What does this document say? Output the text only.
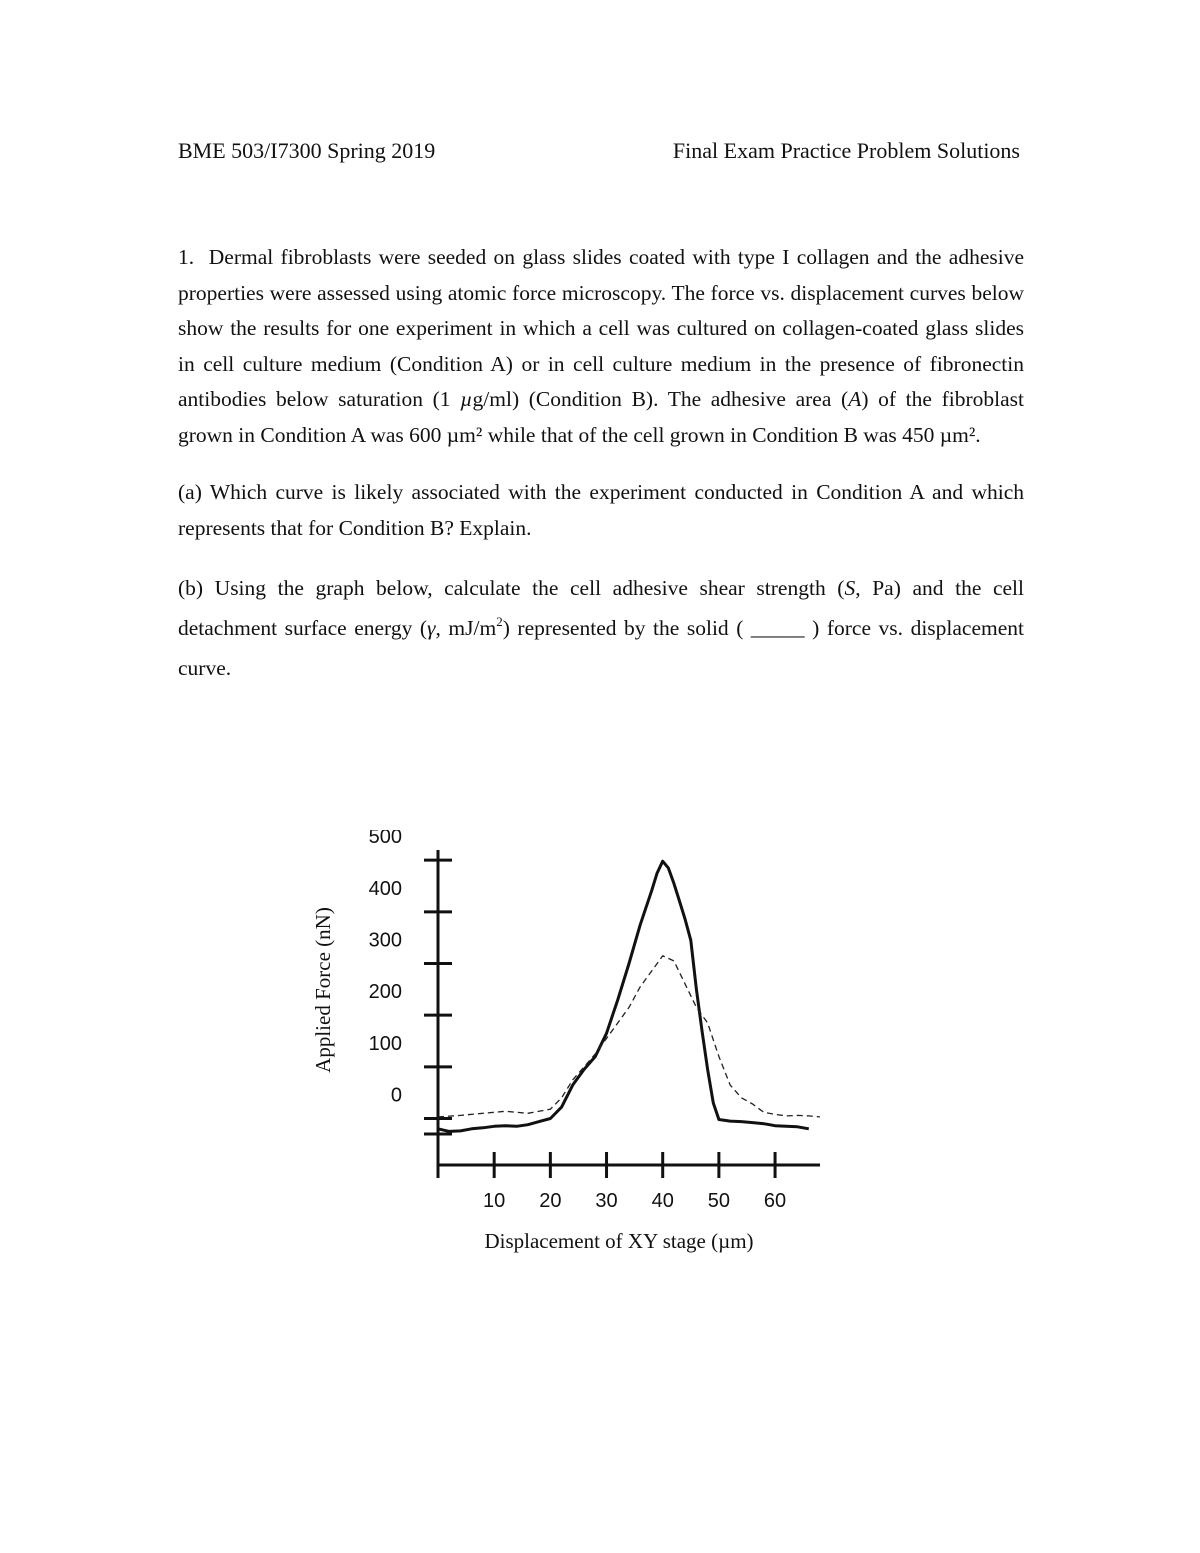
BME 503/I7300 Spring 2019	Final Exam Practice Problem Solutions

1. Dermal fibroblasts were seeded on glass slides coated with type I collagen and the adhesive properties were assessed using atomic force microscopy. The force vs. displacement curves below show the results for one experiment in which a cell was cultured on collagen-coated glass slides in cell culture medium (Condition A) or in cell culture medium in the presence of fibronectin antibodies below saturation (1 µg/ml) (Condition B). The adhesive area (A) of the fibroblast grown in Condition A was 600 µm² while that of the cell grown in Condition B was 450 µm².

(a) Which curve is likely associated with the experiment conducted in Condition A and which represents that for Condition B? Explain.

(b) Using the graph below, calculate the cell adhesive shear strength (S, Pa) and the cell detachment surface energy (γ, $mJ/m^2$) represented by the solid ( _____ ) force vs. displacement curve.

10 20 30 40 50 60
0
100
200
300
400
500
Displacement of XY stage (µm)
Applied Force (nN)
